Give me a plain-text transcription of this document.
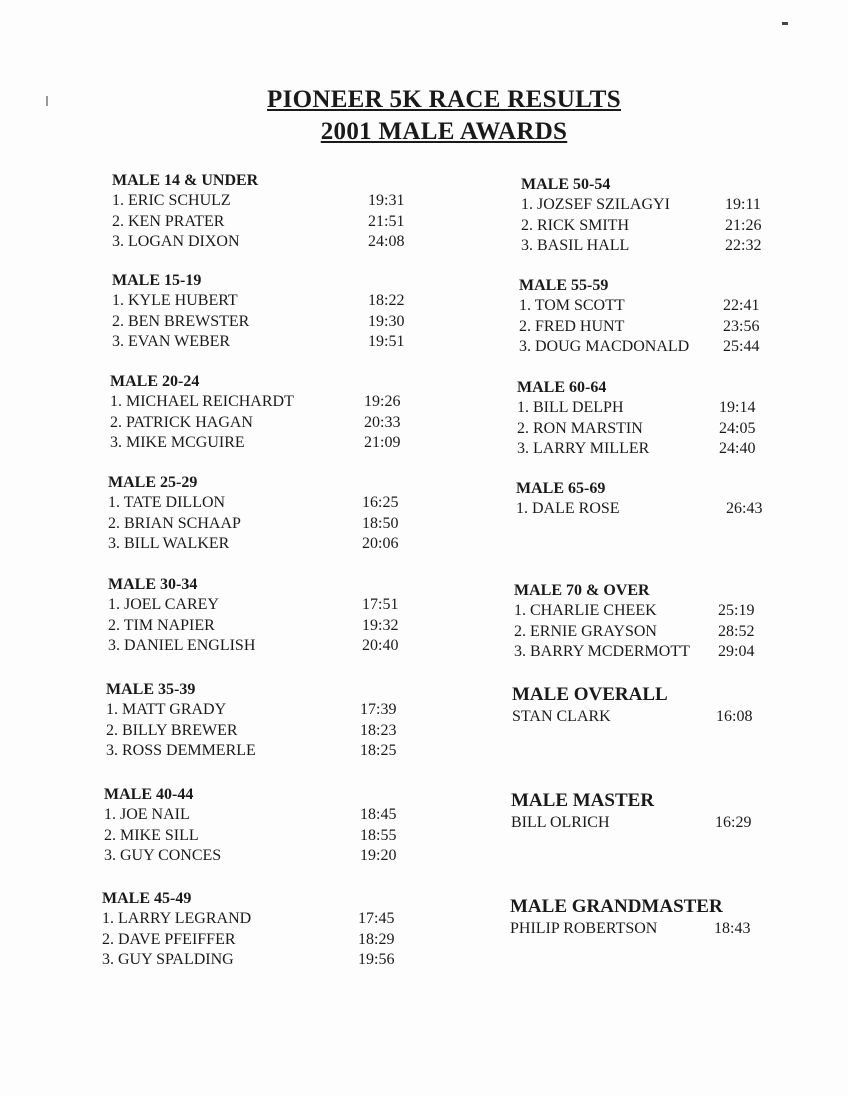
PIONEER 5K RACE RESULTS
2001 MALE AWARDS
MALE 14 & UNDER
1. ERIC SCHULZ	19:31
2. KEN PRATER	21:51
3. LOGAN DIXON	24:08
MALE 15-19
1. KYLE HUBERT	18:22
2. BEN BREWSTER	19:30
3. EVAN WEBER	19:51
MALE 20-24
1. MICHAEL REICHARDT	19:26
2. PATRICK HAGAN	20:33
3. MIKE MCGUIRE	21:09
MALE 25-29
1. TATE DILLON	16:25
2. BRIAN SCHAAP	18:50
3. BILL WALKER	20:06
MALE 30-34
1. JOEL CAREY	17:51
2. TIM NAPIER	19:32
3. DANIEL ENGLISH	20:40
MALE 35-39
1. MATT GRADY	17:39
2. BILLY BREWER	18:23
3. ROSS DEMMERLE	18:25
MALE 40-44
1. JOE NAIL	18:45
2. MIKE SILL	18:55
3. GUY CONCES	19:20
MALE 45-49
1. LARRY LEGRAND	17:45
2. DAVE PFEIFFER	18:29
3. GUY SPALDING	19:56
MALE 50-54
1. JOZSEF SZILAGYI	19:11
2. RICK SMITH	21:26
3. BASIL HALL	22:32
MALE 55-59
1. TOM SCOTT	22:41
2. FRED HUNT	23:56
3. DOUG MACDONALD 25:44
MALE 60-64
1. BILL DELPH	19:14
2. RON MARSTIN	24:05
3. LARRY MILLER	24:40
MALE 65-69
1. DALE ROSE	26:43
MALE 70 & OVER
1. CHARLIE CHEEK	25:19
2. ERNIE GRAYSON	28:52
3. BARRY MCDERMOTT 29:04
MALE OVERALL
STAN CLARK	16:08
MALE MASTER
BILL OLRICH	16:29
MALE GRANDMASTER
PHILIP ROBERTSON	18:43
